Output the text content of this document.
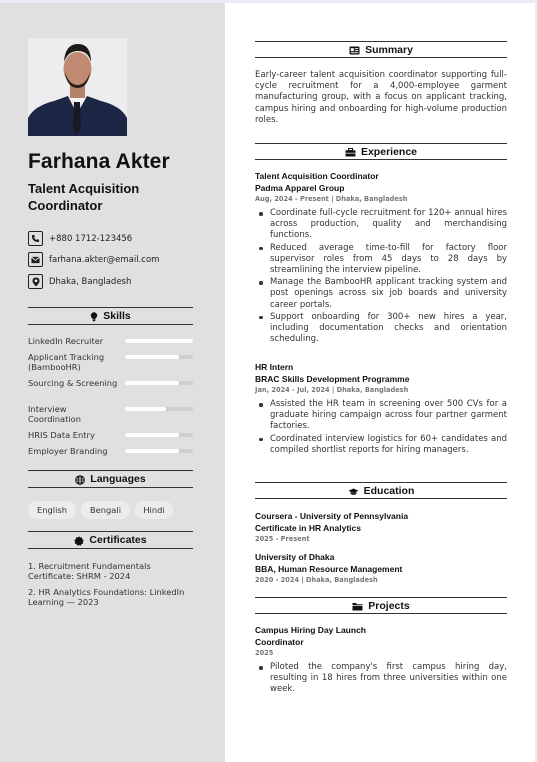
Farhana Akter
Talent Acquisition Coordinator
+880 1712-123456
farhana.akter@email.com
Dhaka, Bangladesh
Skills
LinkedIn Recruiter
Applicant Tracking (BambooHR)
Sourcing & Screening
Interview Coordination
HRIS Data Entry
Employer Branding
Languages
English	Bengali	Hindi
Certificates
1. Recruitment Fundamentals Certificate: SHRM - 2024
2. HR Analytics Foundations: LinkedIn Learning — 2023
Summary
Early-career talent acquisition coordinator supporting full-cycle recruitment for a 4,000-employee garment manufacturing group, with a focus on applicant tracking, campus hiring and onboarding for high-volume production roles.
Experience
Talent Acquisition Coordinator
Padma Apparel Group
Aug, 2024 - Present | Dhaka, Bangladesh
Coordinate full-cycle recruitment for 120+ annual hires across production, quality and merchandising functions.
Reduced average time-to-fill for factory floor supervisor roles from 45 days to 28 days by streamlining the interview pipeline.
Manage the BambooHR applicant tracking system and post openings across six job boards and university career portals.
Support onboarding for 300+ new hires a year, including documentation checks and orientation scheduling.
HR Intern
BRAC Skills Development Programme
Jan, 2024 - Jul, 2024 | Dhaka, Bangladesh
Assisted the HR team in screening over 500 CVs for a graduate hiring campaign across four partner garment factories.
Coordinated interview logistics for 60+ candidates and compiled shortlist reports for hiring managers.
Education
Coursera - University of Pennsylvania
Certificate in HR Analytics
2025 - Present
University of Dhaka
BBA, Human Resource Management
2020 - 2024 | Dhaka, Bangladesh
Projects
Campus Hiring Day Launch
Coordinator
2025
Piloted the company's first campus hiring day, resulting in 18 hires from three universities within one week.
